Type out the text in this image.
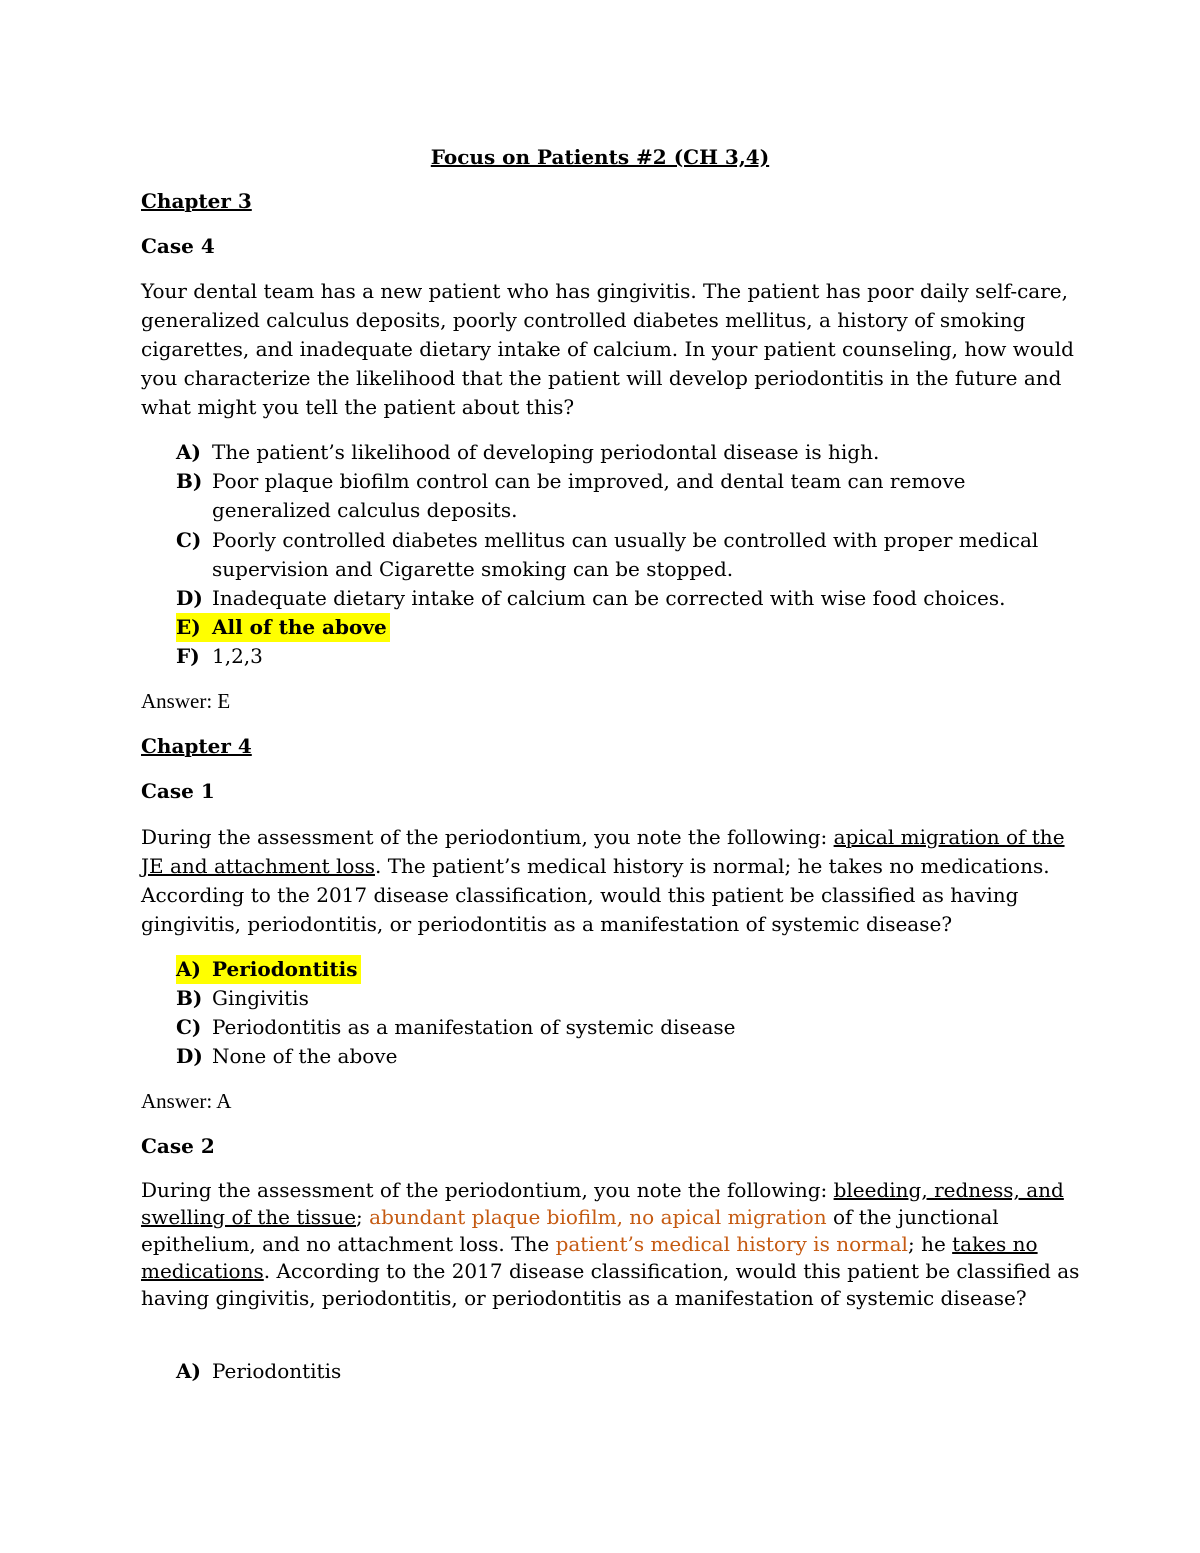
Focus on Patients #2 (CH 3,4)
Chapter 3
Case 4
Your dental team has a new patient who has gingivitis. The patient has poor daily self-care, generalized calculus deposits, poorly controlled diabetes mellitus, a history of smoking cigarettes, and inadequate dietary intake of calcium. In your patient counseling, how would you characterize the likelihood that the patient will develop periodontitis in the future and what might you tell the patient about this?
A) The patient’s likelihood of developing periodontal disease is high.
B) Poor plaque biofilm control can be improved, and dental team can remove generalized calculus deposits.
C) Poorly controlled diabetes mellitus can usually be controlled with proper medical supervision and Cigarette smoking can be stopped.
D) Inadequate dietary intake of calcium can be corrected with wise food choices.
E) All of the above
F) 1,2,3
Answer: E
Chapter 4
Case 1
During the assessment of the periodontium, you note the following: apical migration of the JE and attachment loss. The patient’s medical history is normal; he takes no medications. According to the 2017 disease classification, would this patient be classified as having gingivitis, periodontitis, or periodontitis as a manifestation of systemic disease?
A) Periodontitis
B) Gingivitis
C) Periodontitis as a manifestation of systemic disease
D) None of the above
Answer: A
Case 2
During the assessment of the periodontium, you note the following: bleeding, redness, and swelling of the tissue; abundant plaque biofilm, no apical migration of the junctional epithelium, and no attachment loss. The patient’s medical history is normal; he takes no medications. According to the 2017 disease classification, would this patient be classified as having gingivitis, periodontitis, or periodontitis as a manifestation of systemic disease?
A) Periodontitis
